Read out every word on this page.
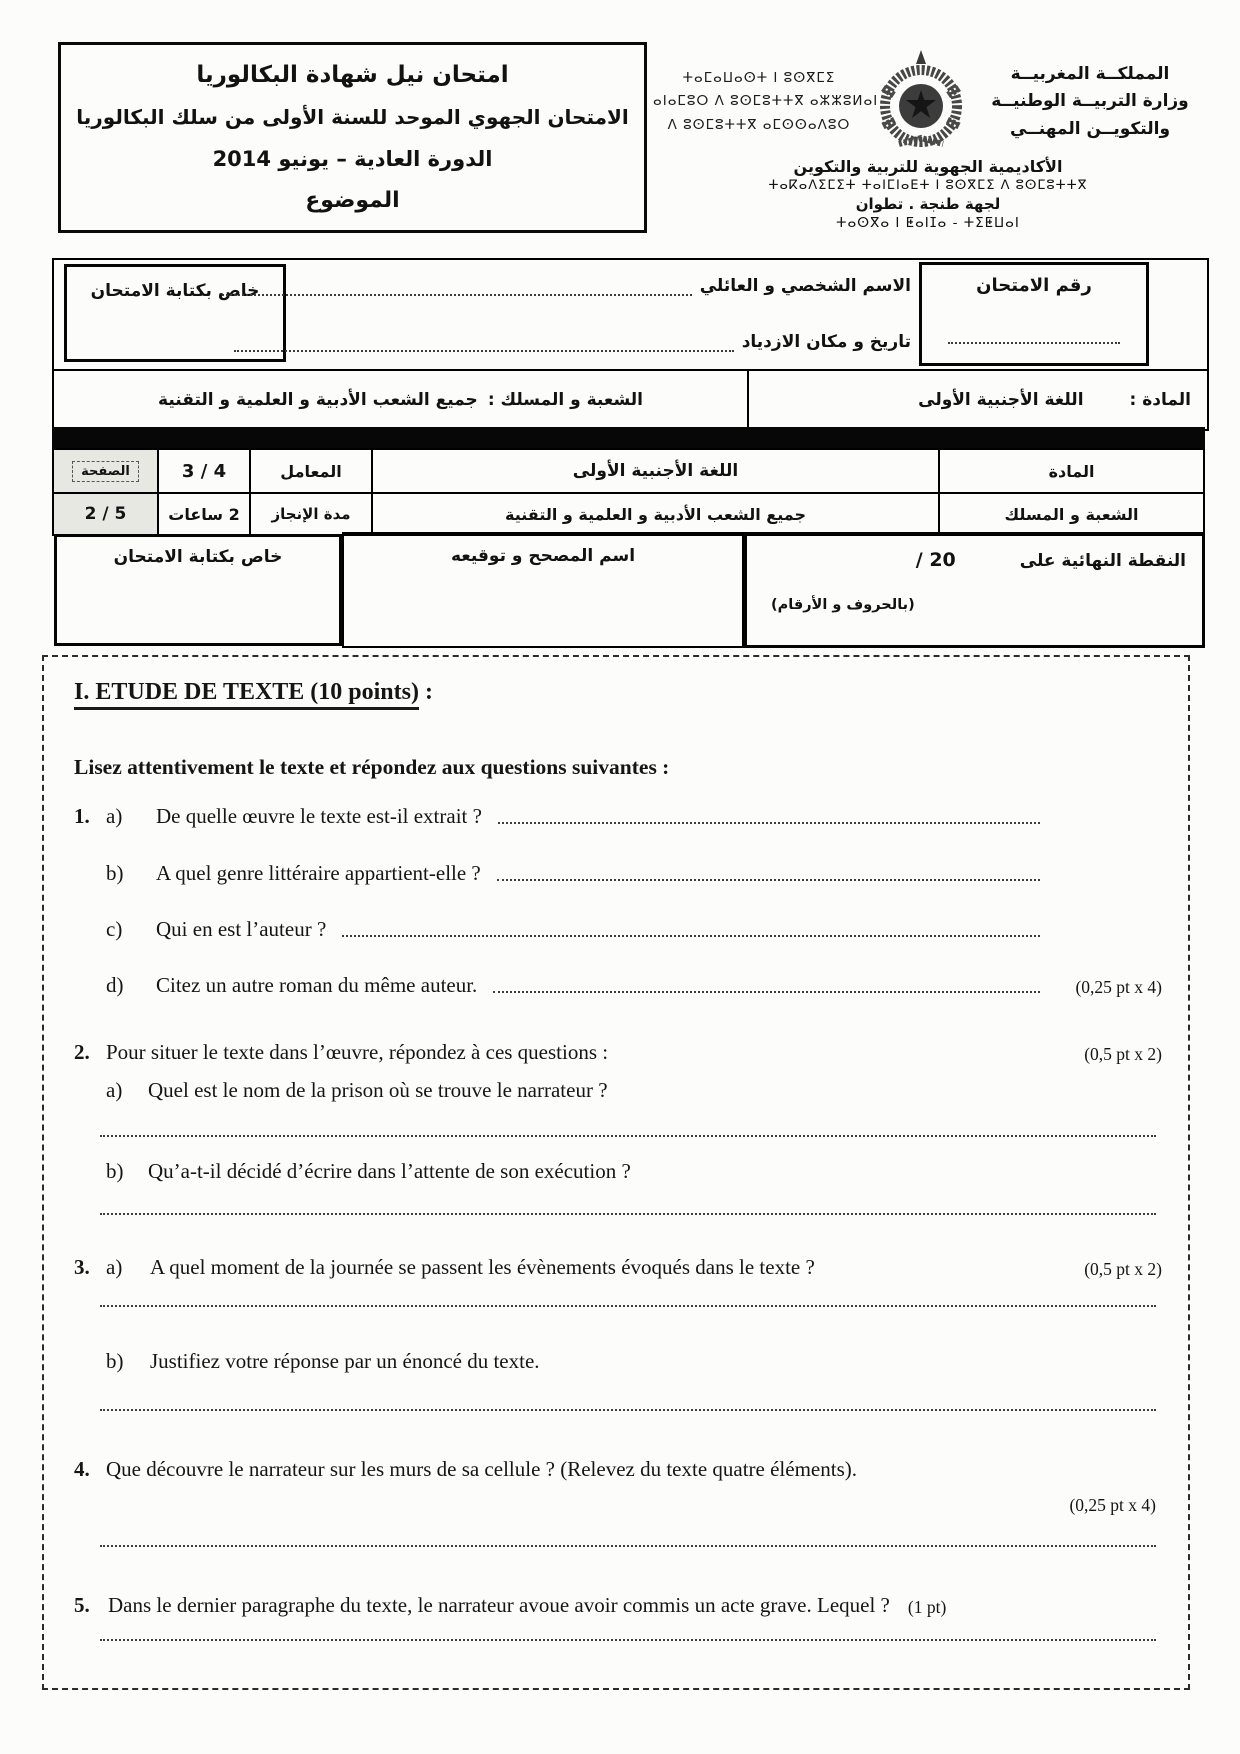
امتحان نيل شهادة البكالوريا
الامتحان الجهوي الموحد للسنة الأولى من سلك البكالوريا
الدورة العادية – يونيو 2014
الموضوع
ⵜⴰⵎⴰⵡⴰⵙⵜ ⵏ ⵓⵙⴳⵎⵉ
ⴰⵏⴰⵎⵓⵔ ⴷ ⵓⵙⵎⵓⵜⵜⴳ ⴰⵣⵣⵓⵍⴰⵏ
ⴷ ⵓⵙⵎⵓⵜⵜⴳ ⴰⵎⵙⵙⴰⴷⵓⵔ
المملكــة المغربيــة
وزارة التربيــة الوطنيــة
والتكويــن المهنــي
الأكاديمية الجهوية للتربية والتكوين
ⵜⴰⴽⴰⴷⵉⵎⵉⵜ ⵜⴰⵏⵎⵏⴰⴹⵜ ⵏ ⵓⵙⴳⵎⵉ ⴷ ⵓⵙⵎⵓⵜⵜⴳ
لجهة طنجة . تطوان
ⵜⴰⵙⴳⴰ ⵏ ⵟⴰⵏⵊⴰ - ⵜⵉⵟⵡⴰⵏ
خاص بكتابة الامتحان	الاسم الشخصي و العائلي
تاريخ و مكان الازدياد
رقم الامتحان
المادة :
اللغة الأجنبية الأولى
الشعبة و المسلك :
جميع الشعب الأدبية و العلمية و التقنية
الصفحة	4 / 3	المعامل	اللغة الأجنبية الأولى	المادة
5 / 2	2 ساعات	مدة الإنجاز	جميع الشعب الأدبية و العلمية و التقنية	الشعبة و المسلك
خاص بكتابة الامتحان	اسم المصحح و توقيعه	النقطة النهائية على
/ 20
(بالحروف و الأرقام)
I. ETUDE DE TEXTE (10 points) :
Lisez attentivement le texte et répondez aux questions suivantes :
1. a)	De quelle œuvre le texte est-il extrait ?
b)	A quel genre littéraire appartient-elle ?
c)	Qui en est l’auteur ?
d)	Citez un autre roman du même auteur.	(0,25 pt x 4)
2. Pour situer le texte dans l’œuvre, répondez à ces questions :	(0,5 pt x 2)
a)	Quel est le nom de la prison où se trouve le narrateur ?
b)	Qu’a-t-il décidé d’écrire dans l’attente de son exécution ?
3. a)	A quel moment de la journée se passent les évènements évoqués dans le texte ?	(0,5 pt x 2)
b)	Justifiez votre réponse par un énoncé du texte.
4. Que découvre le narrateur sur les murs de sa cellule ? (Relevez du texte quatre éléments).
(0,25 pt x 4)
5. Dans le dernier paragraphe du texte, le narrateur avoue avoir commis un acte grave. Lequel ? (1 pt)
